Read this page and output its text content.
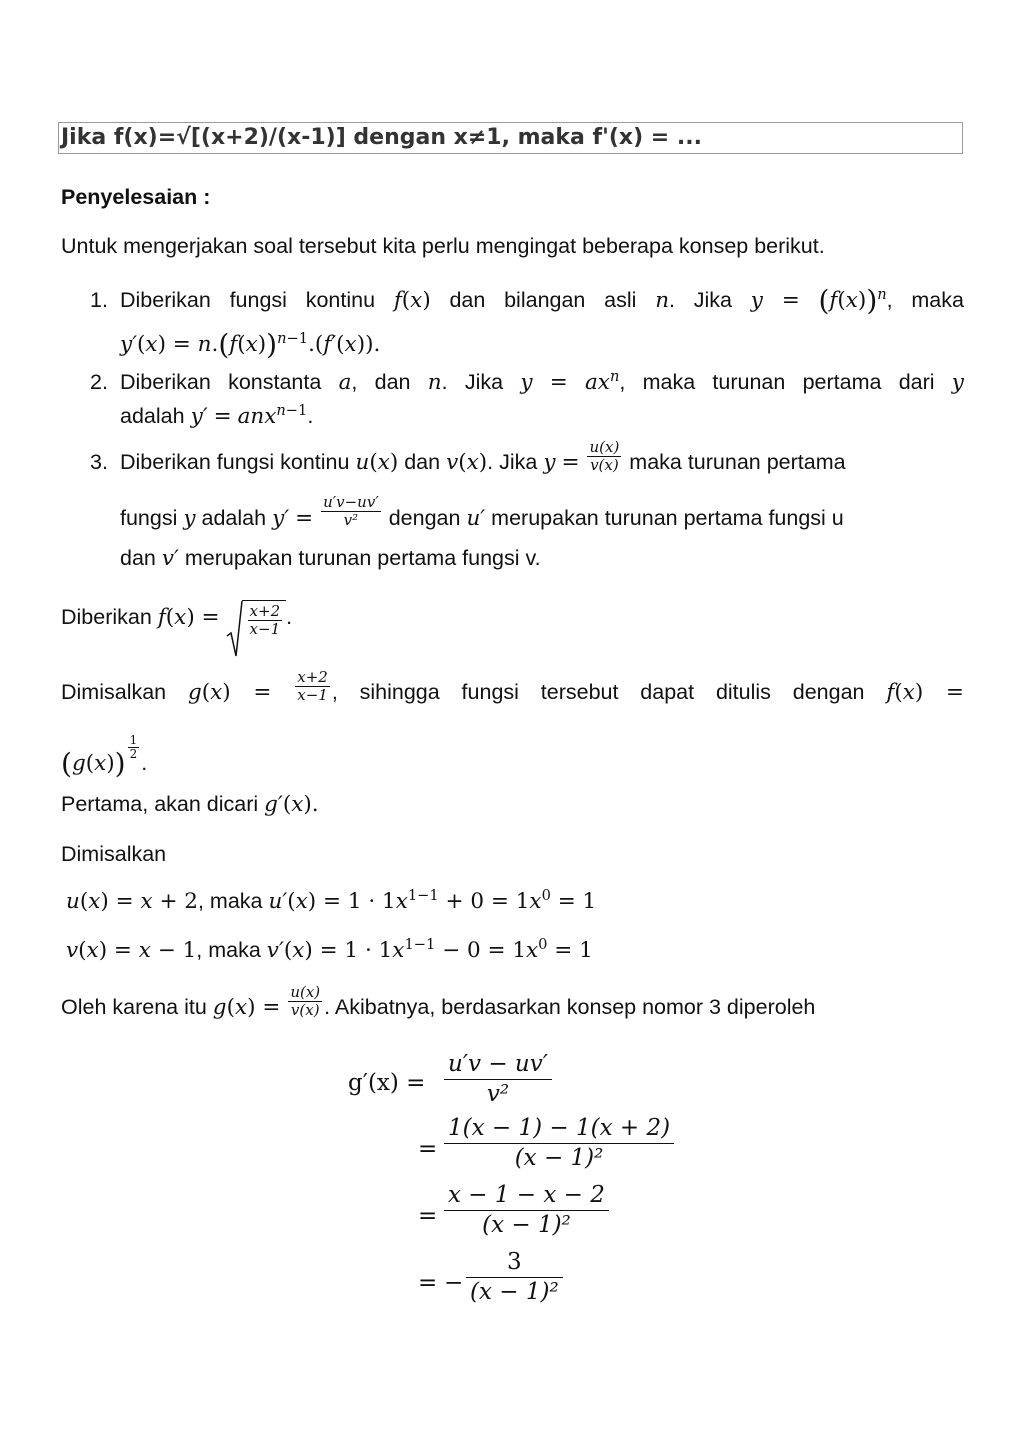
Jika f(x)=√[(x+2)/(x-1)] dengan x≠1, maka f'(x) = ...
Penyelesaian :
Untuk mengerjakan soal tersebut kita perlu mengingat beberapa konsep berikut.
1. Diberikan fungsi kontinu f(x) dan bilangan asli n. Jika $y = (f(x))^n$, maka
$y'(x) = n.(f(x))^{n-1}.(f'(x))$.
2. Diberikan konstanta a, dan n. Jika $y = ax^n$, maka turunan pertama dari y
adalah y′ = anx$^{n-1}$.
3. Diberikan fungsi kontinu u(x) dan v(x). Jika $y = \frac{u(x)}{v(x)}$ maka turunan pertama
fungsi y adalah $y' = \frac{u'v-uv'}{\text{v²}}$ dengan u′ merupakan turunan pertama fungsi u
dan v′ merupakan turunan pertama fungsi v.
Diberikan $f(x) = \frac{x+2}{x-1}$ .
Dimisalkan $g(x) = \frac{x+2}{x-1}$ , sihingga fungsi tersebut dapat ditulis dengan f(x) =
$(g(x)) \frac{1}{2}$
.
Pertama, akan dicari g′(x).
Dimisalkan
u(x) = x + 2, maka $u'(x) = 1 \cdot 1x^{1-1} + 0 = 1x^0 = 1$
v(x) = x − 1, maka $v'(x) = 1 \cdot 1x^{1-1} - 0 = 1x^0 = 1$
Oleh karena itu $g(x) = \frac{u(x)}{v(x)}$ . Akibatnya, berdasarkan konsep nomor 3 diperoleh
$g'(x) = \frac{u'v - uv'}{\text{v²}}$
= $\frac{1(x - 1) - 1(x + 2)}{\text{(x − 1)²}}$
= $\frac{x - 1 - x - 2}{\text{(x − 1)²}}$
= − $\frac{3}{\text{(x − 1)²}}$
